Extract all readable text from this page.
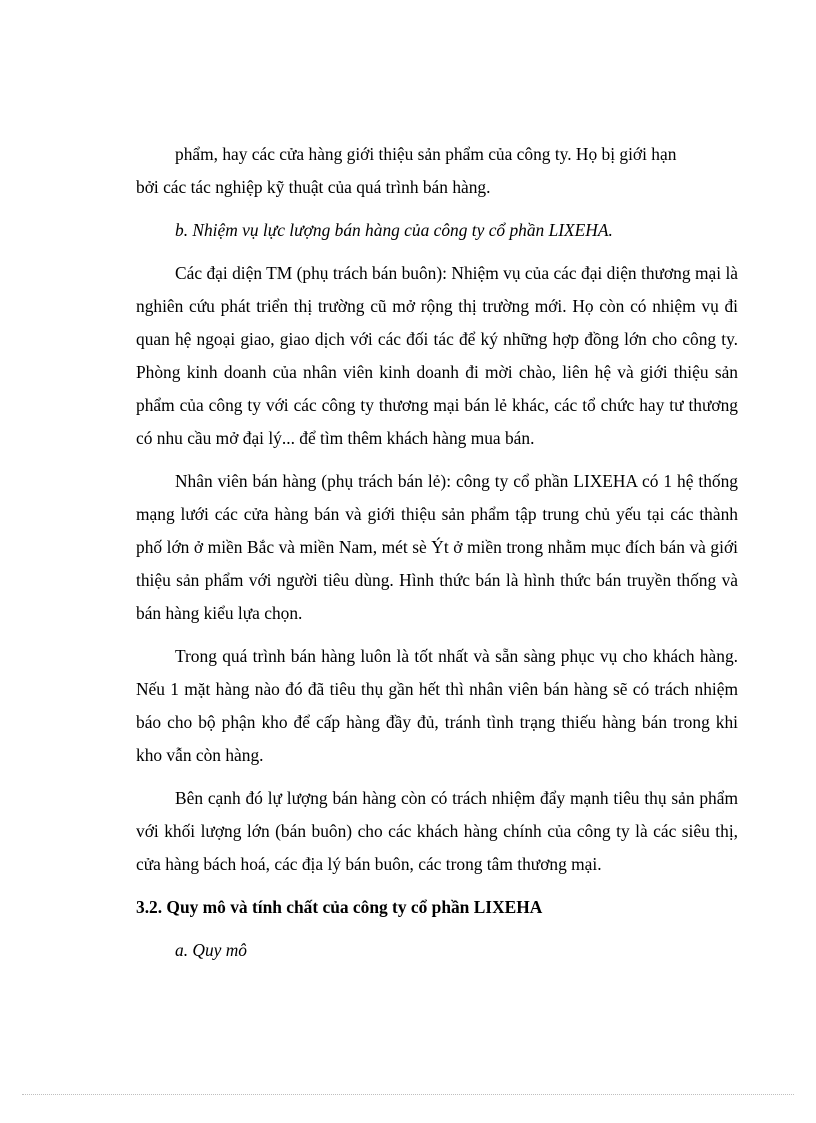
phẩm, hay các cửa hàng giới thiệu sản phẩm của công ty. Họ bị giới hạn

bởi các tác nghiệp kỹ thuật của quá trình bán hàng.

b. Nhiệm vụ lực lượng bán hàng của công ty cổ phần LIXEHA.

Các đại diện TM (phụ trách bán buôn): Nhiệm vụ của các đại diện thương mại là nghiên cứu phát triển thị trường cũ mở rộng thị trường mới. Họ còn có nhiệm vụ đi quan hệ ngoại giao, giao dịch với các đối tác để ký những hợp đồng lớn cho công ty. Phòng kinh doanh của nhân viên kinh doanh đi mời chào, liên hệ và giới thiệu sản phẩm của công ty với các công ty thương mại bán lẻ khác, các tổ chức hay tư thương có nhu cầu mở đại lý... để tìm thêm khách hàng mua bán.

Nhân viên bán hàng (phụ trách bán lẻ): công ty cổ phần LIXEHA có 1 hệ thống mạng lưới các cửa hàng bán và giới thiệu sản phẩm tập trung chủ yếu tại các thành phố lớn ở miền Bắc và miền Nam, mét sè Ýt ở miền trong nhằm mục đích bán và giới thiệu sản phẩm với người tiêu dùng. Hình thức bán là hình thức bán truyền thống và bán hàng kiểu lựa chọn.

Trong quá trình bán hàng luôn là tốt nhất và sẵn sàng phục vụ cho khách hàng. Nếu 1 mặt hàng nào đó đã tiêu thụ gần hết thì nhân viên bán hàng sẽ có trách nhiệm báo cho bộ phận kho để cấp hàng đầy đủ, tránh tình trạng thiếu hàng bán trong khi kho vẫn còn hàng.

Bên cạnh đó lự lượng bán hàng còn có trách nhiệm đẩy mạnh tiêu thụ sản phẩm với khối lượng lớn (bán buôn) cho các khách hàng chính của công ty là các siêu thị, cửa hàng bách hoá, các địa lý bán buôn, các trong tâm thương mại.

3.2. Quy mô và tính chất của công ty cổ phần LIXEHA

a. Quy mô
